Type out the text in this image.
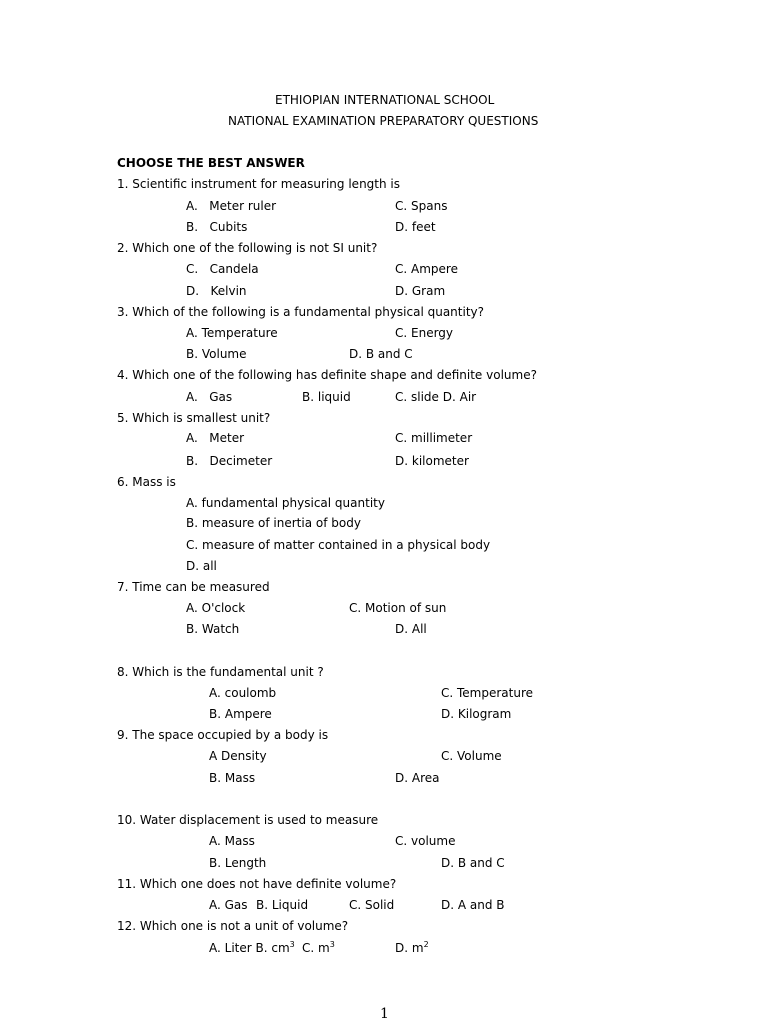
ETHIOPIAN INTERNATIONAL SCHOOL
NATIONAL EXAMINATION PREPARATORY QUESTIONS
CHOOSE THE BEST ANSWER
1. Scientific instrument for measuring length is
A.   Meter ruler	C. Spans
B.   Cubits	D. feet
2. Which one of the following is not SI unit?
C.   Candela	C. Ampere
D.   Kelvin	D. Gram
3. Which of the following is a fundamental physical quantity?
A. Temperature	C. Energy
B. Volume	D. B and C
4. Which one of the following has definite shape and definite volume?
A.   Gas	B. liquid	C. slide D. Air
5. Which is smallest unit?
A.   Meter	C. millimeter
B.   Decimeter	D. kilometer
6. Mass is
A. fundamental physical quantity
B. measure of inertia of body
C. measure of matter contained in a physical body
D. all
7. Time can be measured
A. O'clock	C. Motion of sun
B. Watch	D. All
8. Which is the fundamental unit ?
A. coulomb	C. Temperature
B. Ampere	D. Kilogram
9. The space occupied by a body is
A Density	C. Volume
B. Mass	D. Area
10. Water displacement is used to measure
A. Mass	C. volume
B. Length	D. B and C
11. Which one does not have definite volume?
A. Gas B. Liquid	C. Solid	D. A and B
12. Which one is not a unit of volume?
A. Liter B. $cm^3$ C. $m^3$	D. $m^2$
1
